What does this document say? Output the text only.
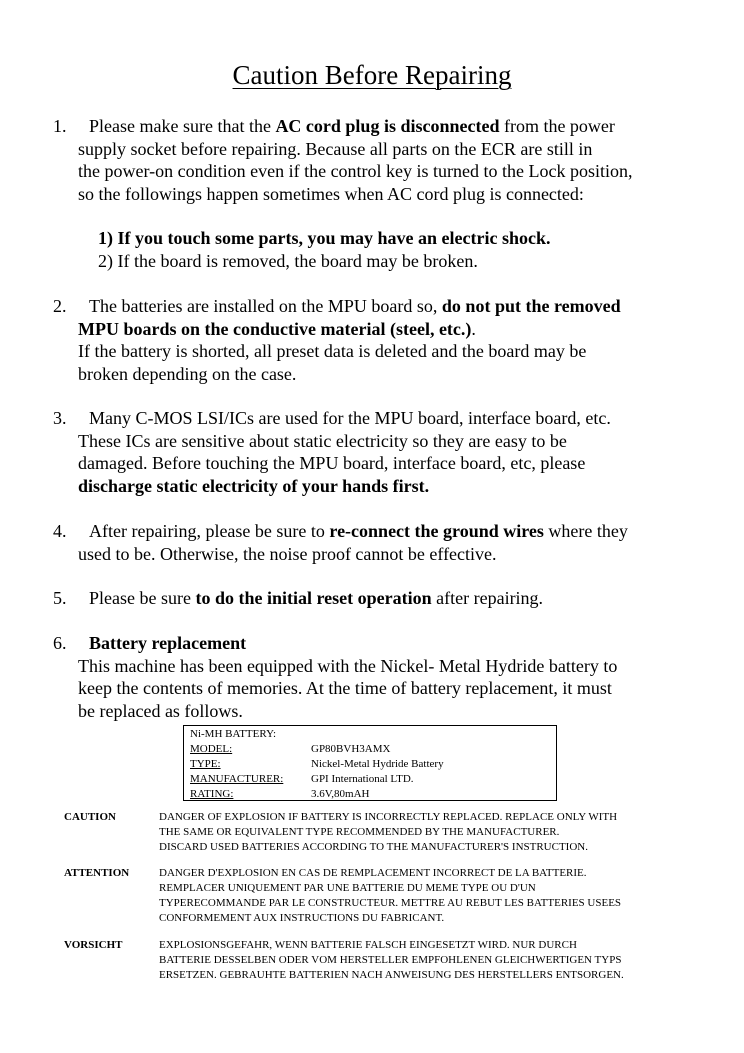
Caution Before Repairing
1.	Please make sure that the AC cord plug is disconnected from the power
supply socket before repairing. Because all parts on the ECR are still in
the power-on condition even if the control key is turned to the Lock position,
so the followings happen sometimes when AC cord plug is connected:
1) If you touch some parts, you may have an electric shock.
2) If the board is removed, the board may be broken.
2.	The batteries are installed on the MPU board so, do not put the removed
MPU boards on the conductive material (steel, etc.).
If the battery is shorted, all preset data is deleted and the board may be
broken depending on the case.
3.	Many C-MOS LSI/ICs are used for the MPU board, interface board, etc.
These ICs are sensitive about static electricity so they are easy to be
damaged. Before touching the MPU board, interface board, etc, please
discharge static electricity of your hands first.
4.	After repairing, please be sure to re-connect the ground wires where they
used to be. Otherwise, the noise proof cannot be effective.
5.	Please be sure to do the initial reset operation after repairing.
6.	Battery replacement
This machine has been equipped with the Nickel- Metal Hydride battery to
keep the contents of memories. At the time of battery replacement, it must
be replaced as follows.
Ni-MH BATTERY:
MODEL:	GP80BVH3AMX
TYPE:	Nickel-Metal Hydride Battery
MANUFACTURER:	GPI International LTD.
RATING:	3.6V,80mAH
CAUTION	DANGER OF EXPLOSION IF BATTERY IS INCORRECTLY REPLACED. REPLACE ONLY WITH
THE SAME OR EQUIVALENT TYPE RECOMMENDED BY THE MANUFACTURER.
DISCARD USED BATTERIES ACCORDING TO THE MANUFACTURER'S INSTRUCTION.
ATTENTION	DANGER D'EXPLOSION EN CAS DE REMPLACEMENT INCORRECT DE LA BATTERIE.
REMPLACER UNIQUEMENT PAR UNE BATTERIE DU MEME TYPE OU D'UN
TYPERECOMMANDE PAR LE CONSTRUCTEUR. METTRE AU REBUT LES BATTERIES USEES
CONFORMEMENT AUX INSTRUCTIONS DU FABRICANT.
VORSICHT	EXPLOSIONSGEFAHR, WENN BATTERIE FALSCH EINGESETZT WIRD. NUR DURCH
BATTERIE DESSELBEN ODER VOM HERSTELLER EMPFOHLENEN GLEICHWERTIGEN TYPS
ERSETZEN. GEBRAUHTE BATTERIEN NACH ANWEISUNG DES HERSTELLERS ENTSORGEN.
